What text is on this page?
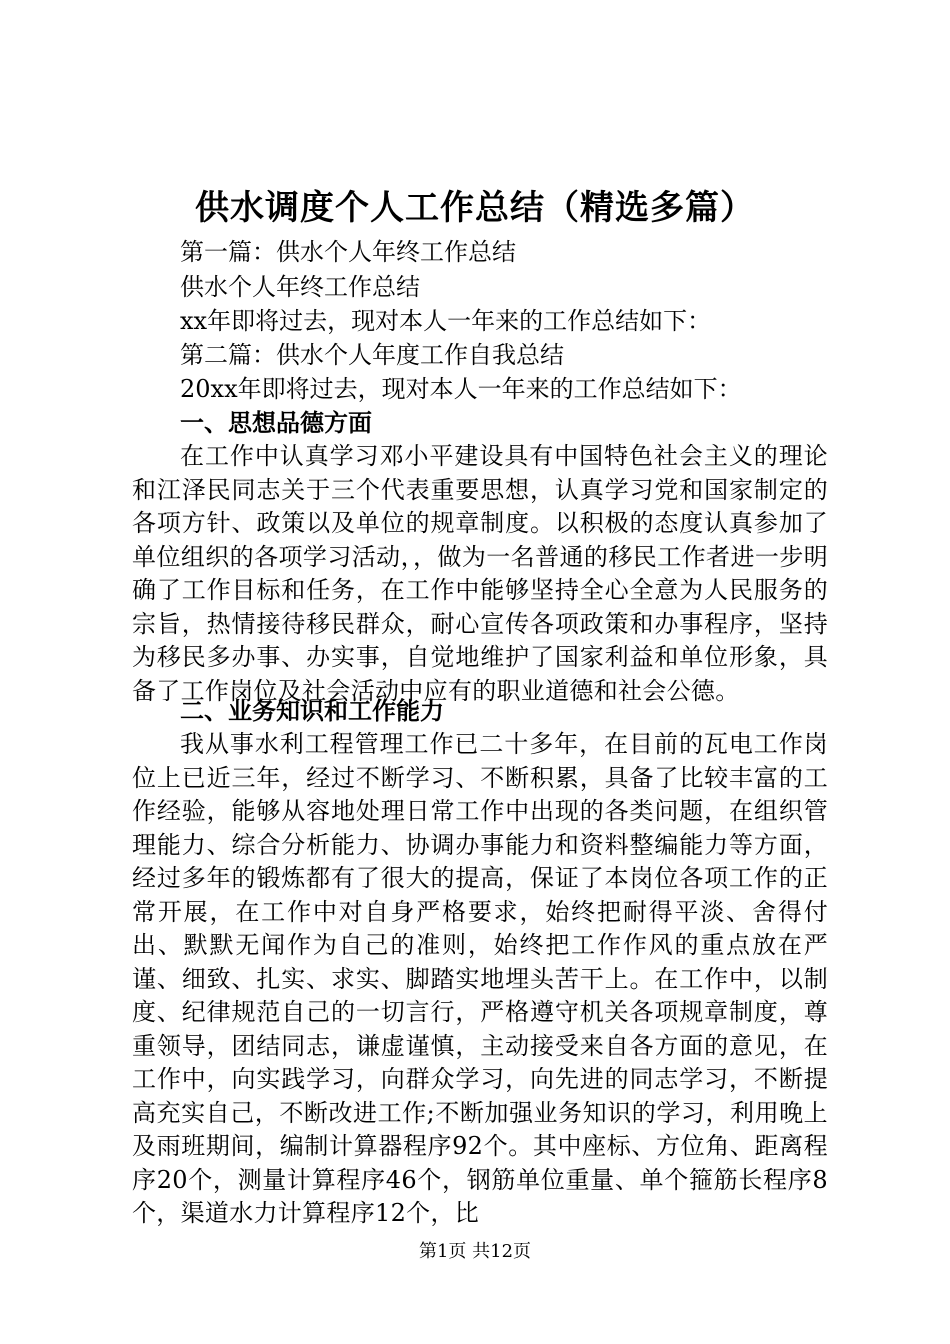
供水调度个人工作总结（精选多篇）

第一篇：供水个人年终工作总结

供水个人年终工作总结

xx年即将过去，现对本人一年来的工作总结如下：

第二篇：供水个人年度工作自我总结

20xx年即将过去，现对本人一年来的工作总结如下：

一、思想品德方面

在工作中认真学习邓小平建设具有中国特色社会主义的理论和江泽民同志关于三个代表重要思想，认真学习党和国家制定的各项方针、政策以及单位的规章制度。以积极的态度认真参加了单位组织的各项学习活动，，做为一名普通的移民工作者进一步明确了工作目标和任务，在工作中能够坚持全心全意为人民服务的宗旨，热情接待移民群众，耐心宣传各项政策和办事程序，坚持为移民多办事、办实事，自觉地维护了国家利益和单位形象，具备了工作岗位及社会活动中应有的职业道德和社会公德。

二、业务知识和工作能力

我从事水利工程管理工作已二十多年，在目前的瓦电工作岗位上已近三年，经过不断学习、不断积累，具备了比较丰富的工作经验，能够从容地处理日常工作中出现的各类问题，在组织管理能力、综合分析能力、协调办事能力和资料整编能力等方面，经过多年的锻炼都有了很大的提高，保证了本岗位各项工作的正常开展，在工作中对自身严格要求，始终把耐得平淡、舍得付出、默默无闻作为自己的准则，始终把工作作风的重点放在严谨、细致、扎实、求实、脚踏实地埋头苦干上。在工作中，以制度、纪律规范自己的一切言行，严格遵守机关各项规章制度，尊重领导，团结同志，谦虚谨慎，主动接受来自各方面的意见，在工作中，向实践学习，向群众学习，向先进的同志学习，不断提高充实自己，不断改进工作;不断加强业务知识的学习，利用晚上及雨班期间，编制计算器程序92个。其中座标、方位角、距离程序20个，测量计算程序46个，钢筋单位重量、单个箍筋长程序8个，渠道水力计算程序12个，比

第1页 共12页
